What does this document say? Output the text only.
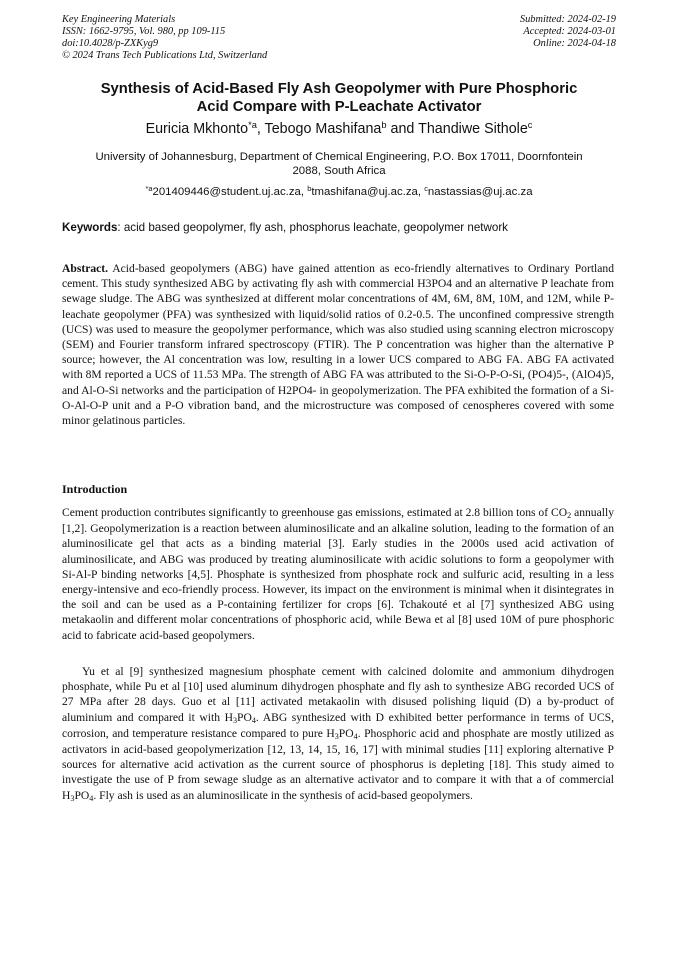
Key Engineering Materials
ISSN: 1662-9795, Vol. 980, pp 109-115
doi:10.4028/p-ZXKyg9
© 2024 Trans Tech Publications Ltd, Switzerland
Submitted: 2024-02-19
Accepted: 2024-03-01
Online: 2024-04-18
Synthesis of Acid-Based Fly Ash Geopolymer with Pure Phosphoric
Acid Compare with P-Leachate Activator
Euricia Mkhonto$^{*a}$, Tebogo Mashifana$^b$ and Thandiwe Sithole$^c$
University of Johannesburg, Department of Chemical Engineering, P.O. Box 17011, Doornfontein
2088, South Africa
$^{*a}$201409446@student.uj.ac.za, $^b$tmashifana@uj.ac.za, $^c$nastassias@uj.ac.za
Keywords: acid based geopolymer, fly ash, phosphorus leachate, geopolymer network
Abstract. Acid-based geopolymers (ABG) have gained attention as eco-friendly alternatives to Ordinary Portland cement. This study synthesized ABG by activating fly ash with commercial H3PO4 and an alternative P leachate from sewage sludge. The ABG was synthesized at different molar concentrations of 4M, 6M, 8M, 10M, and 12M, while P-leachate geopolymer (PFA) was synthesized with liquid/solid ratios of 0.2-0.5. The unconfined compressive strength (UCS) was used to measure the geopolymer performance, which was also studied using scanning electron microscopy (SEM) and Fourier transform infrared spectroscopy (FTIR). The P concentration was higher than the alternative P source; however, the Al concentration was low, resulting in a lower UCS compared to ABG FA. ABG FA activated with 8M reported a UCS of 11.53 MPa. The strength of ABG FA was attributed to the Si-O-P-O-Si, (PO4)5-, (AlO4)5, and Al-O-Si networks and the participation of H2PO4- in geopolymerization. The PFA exhibited the formation of a Si-O-Al-O-P unit and a P-O vibration band, and the microstructure was composed of cenospheres covered with some minor gelatinous particles.
Introduction
Cement production contributes significantly to greenhouse gas emissions, estimated at 2.8 billion tons of $CO_2$ annually [1,2]. Geopolymerization is a reaction between aluminosilicate and an alkaline solution, leading to the formation of an aluminosilicate gel that acts as a binding material [3]. Early studies in the 2000s used acid activation of aluminosilicate, and ABG was produced by treating aluminosilicate with acidic solutions to form a geopolymer with Si-Al-P binding networks [4,5]. Phosphate is synthesized from phosphate rock and sulfuric acid, resulting in a less energy-intensive and eco-friendly process. However, its impact on the environment is minimal when it disintegrates in the soil and can be used as a P-containing fertilizer for crops [6]. Tchakouté et al [7] synthesized ABG using metakaolin and different molar concentrations of phosphoric acid, while Bewa et al [8] used 10M of pure phosphoric acid to fabricate acid-based geopolymers.
Yu et al [9] synthesized magnesium phosphate cement with calcined dolomite and ammonium dihydrogen phosphate, while Pu et al [10] used aluminum dihydrogen phosphate and fly ash to synthesize ABG recorded UCS of 27 MPa after 28 days. Guo et al [11] activated metakaolin with disused polishing liquid (D) a by-product of aluminium and compared it with $H_3PO_4$. ABG synthesized with D exhibited better performance in terms of UCS, corrosion, and temperature resistance compared to pure $H_3PO_4$. Phosphoric acid and phosphate are mostly utilized as activators in acid-based geopolymerization [12, 13, 14, 15, 16, 17] with minimal studies [11] exploring alternative P sources for alternative acid activation as the current source of phosphorus is depleting [18]. This study aimed to investigate the use of P from sewage sludge as an alternative activator and to compare it with that a of commercial $H_3PO_4$. Fly ash is used as an aluminosilicate in the synthesis of acid-based geopolymers.
